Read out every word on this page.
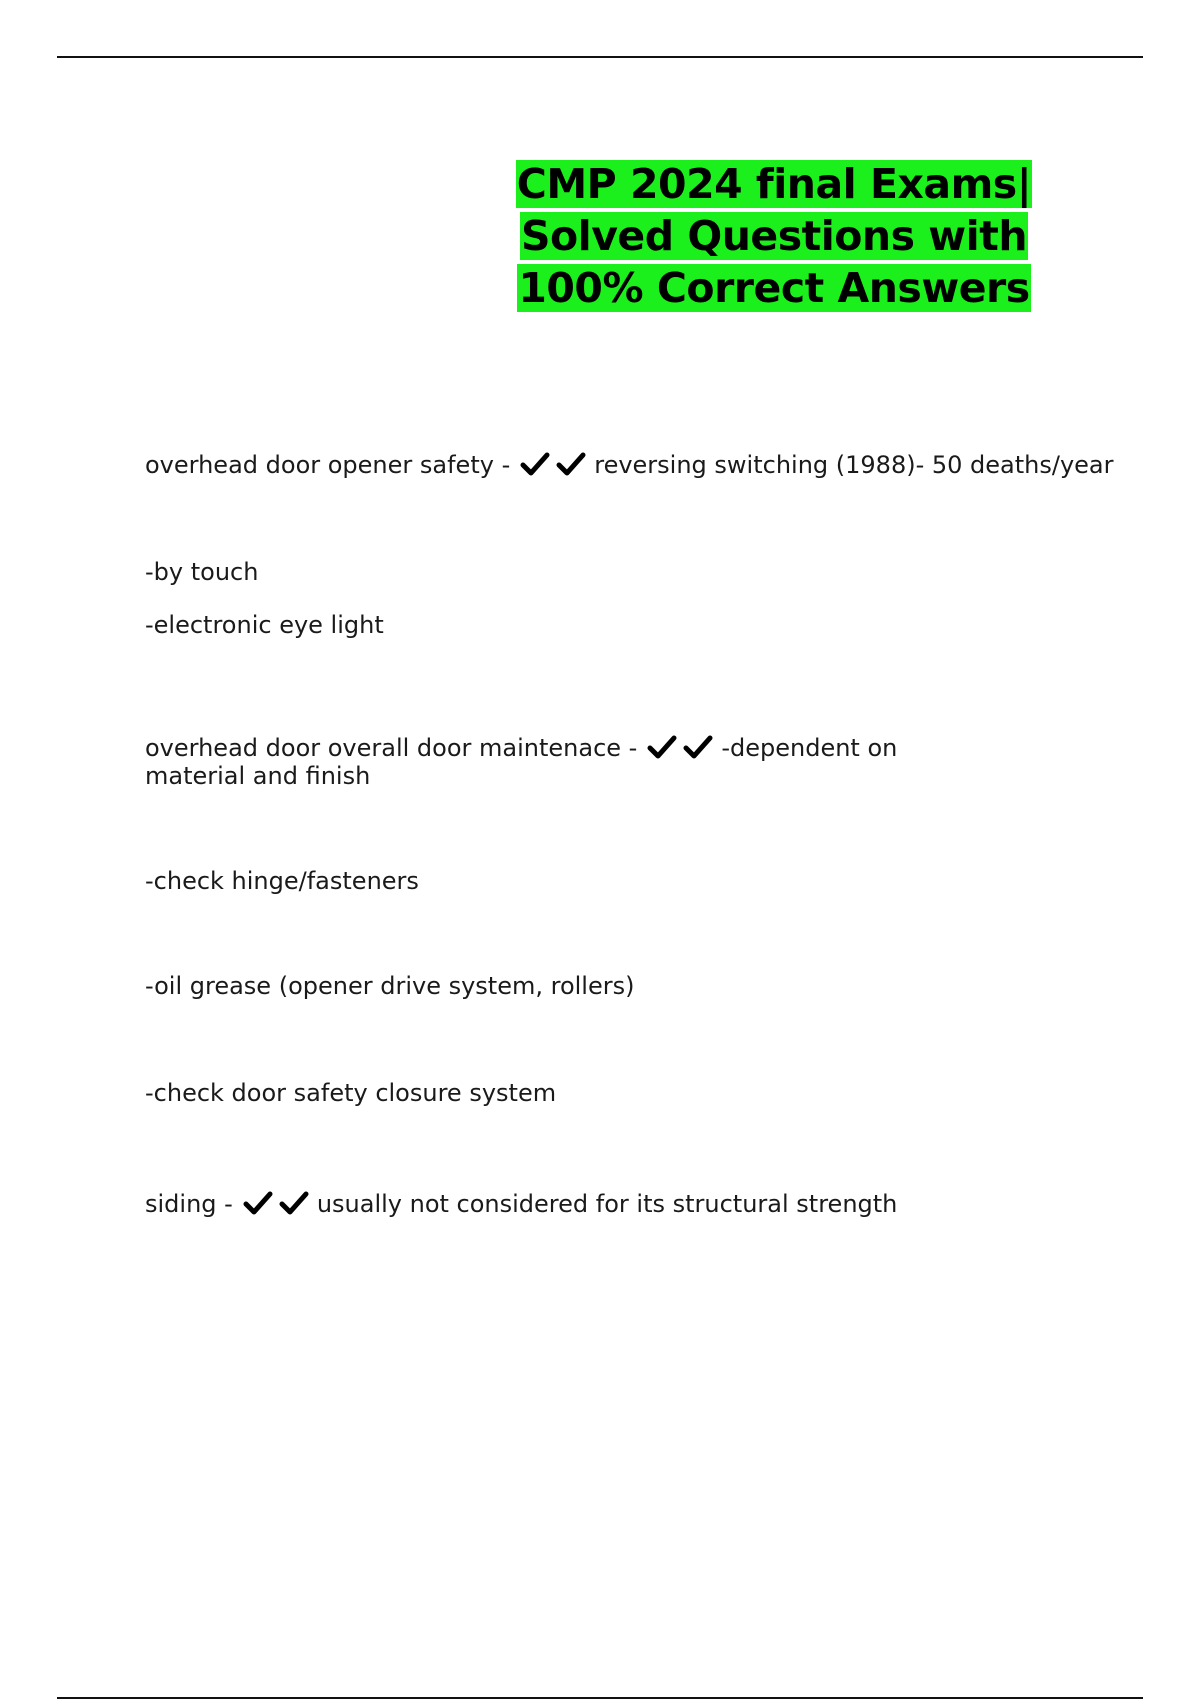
CMP 2024 final Exams| Solved Questions with 100% Correct Answers
overhead door opener safety -	reversing switching (1988)- 50 deaths/year
-by touch
-electronic eye light
overhead door overall door maintenace -	-dependent on
material and finish
-check hinge/fasteners
-oil grease (opener drive system, rollers)
-check door safety closure system
siding -	usually not considered for its structural strength
